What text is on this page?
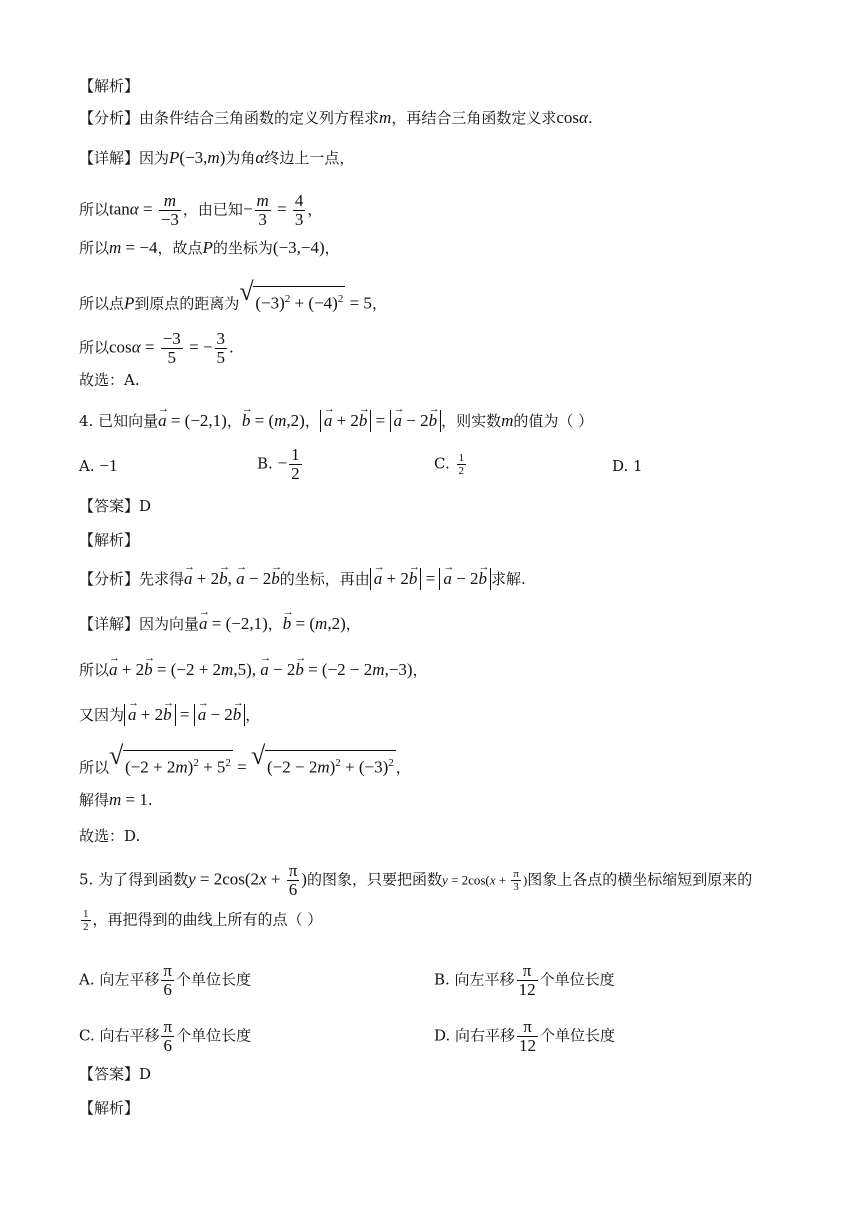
【解析】
【分析】由条件结合三角函数的定义列方程求m，再结合三角函数定义求cosα.
【详解】因为P(−3,m)为角α终边上一点，
所以$\tan\alpha = \frac{m}{-3}$ ，由已知− $\frac{m}{3} = \frac{4}{3}$ ，
所以m = −4，故点P的坐标为(−3,−4)，
所以点P到原点的距离为 √ $(-3)^2 + (-4)^2 = 5$，
所以$\cos\alpha = \frac{-3}{5}$ = − $\frac{3}{5}$ .
故选：A.
4. 已知向量a → = (−2,1)，b → = (m,2)， a → + 2b → = a → − 2b → ，则实数m的值为（ ）
A. −1	B. − $\frac{1}{2}$	C. $\frac{1}{2}$	D. 1
【答案】D
【解析】
【分析】先求得a → + 2b →, a → − 2b →的坐标，再由 a → + 2b → = a → − 2b → 求解.
【详解】因为向量a → = (−2,1)，b → = (m,2)，
所以a → + 2b → = (−2 + 2m,5), a → − 2b → = (−2 − 2m,−3)，
又因为 a → + 2b → = a → − 2b → ，
所以 √ $(-2 + 2m)^2 + 5^2$ = √ $(-2 - 2m)^2 + (-3)^2$ ，
解得m = 1.
故选：D.
5. 为了得到函数$y = 2\cos(2x + \frac{\pi}{6}$ )的图象，只要把函数$y = 2\cos(x + \frac{\pi}{3}$ )图象上各点的横坐标缩短到原来的
$\frac{1}{2}$ ，再把得到的曲线上所有的点（ ）
A. 向左平移 $\frac{\pi}{6}$ 个单位长度	B. 向左平移 $\frac{\pi}{12}$ 个单位长度
C. 向右平移 $\frac{\pi}{6}$ 个单位长度	D. 向右平移 $\frac{\pi}{12}$ 个单位长度
【答案】D
【解析】
